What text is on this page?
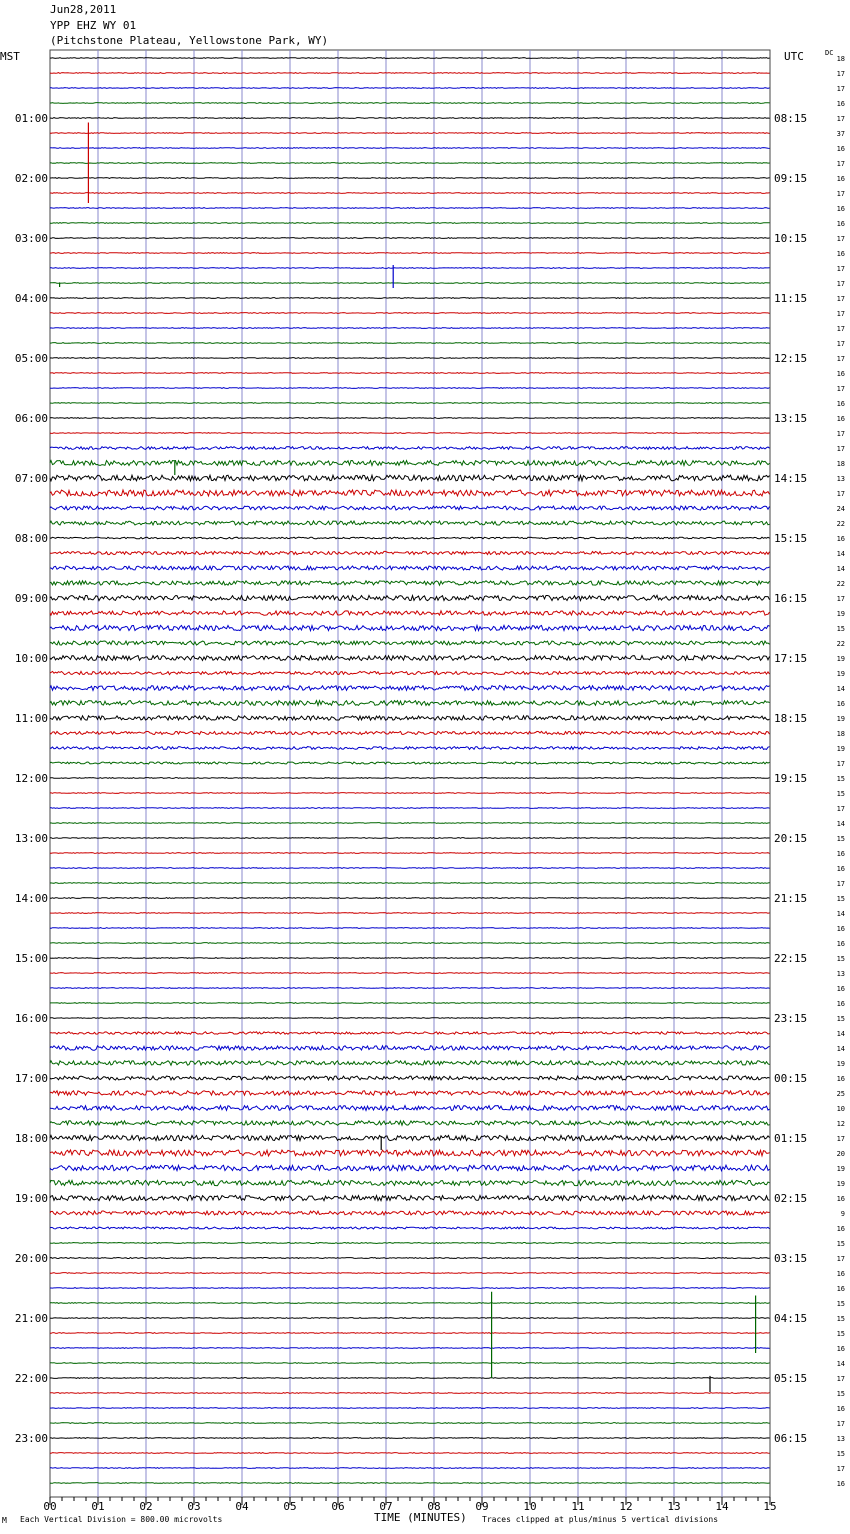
Jun28,2011
YPP EHZ WY 01
(Pitchstone Plateau, Yellowstone Park, WY)
MST	UTC	DC
18
17
17
16
17
37
16
17
16
17
16
16
17
16
17
17
17
17
17
17
17
16
17
16
16
17
17
18
13
17
24
22
16
14
14
22
17
19
15
22
19
19
14
16
19
18
19
17
15
15
17
14
15
16
16
17
15
14
16
16
15
13
16
16
15
14
14
19
16
25
10
12
17
20
19
19
16
9
16
15
17
16
16
15
15
15
16
14
17
15
16
17
13
15
17
16
01:00
02:00
03:00
04:00
05:00
06:00
07:00
08:00
09:00
10:00
11:00
12:00
13:00
14:00
15:00
16:00
17:00
18:00
19:00
20:00
21:00
22:00
23:00
08:15
09:15
10:15
11:15
12:15
13:15
14:15
15:15
16:15
17:15
18:15
19:15
20:15
21:15
22:15
23:15
00:15
01:15
02:15
03:15
04:15
05:15
06:15
00	01	02	03	04	05	06	07	08	09	10	11	12	13	14	15
M Each Vertical Division = 800.00 microvolts	TIME (MINUTES) Traces clipped at plus/minus 5 vertical divisions
